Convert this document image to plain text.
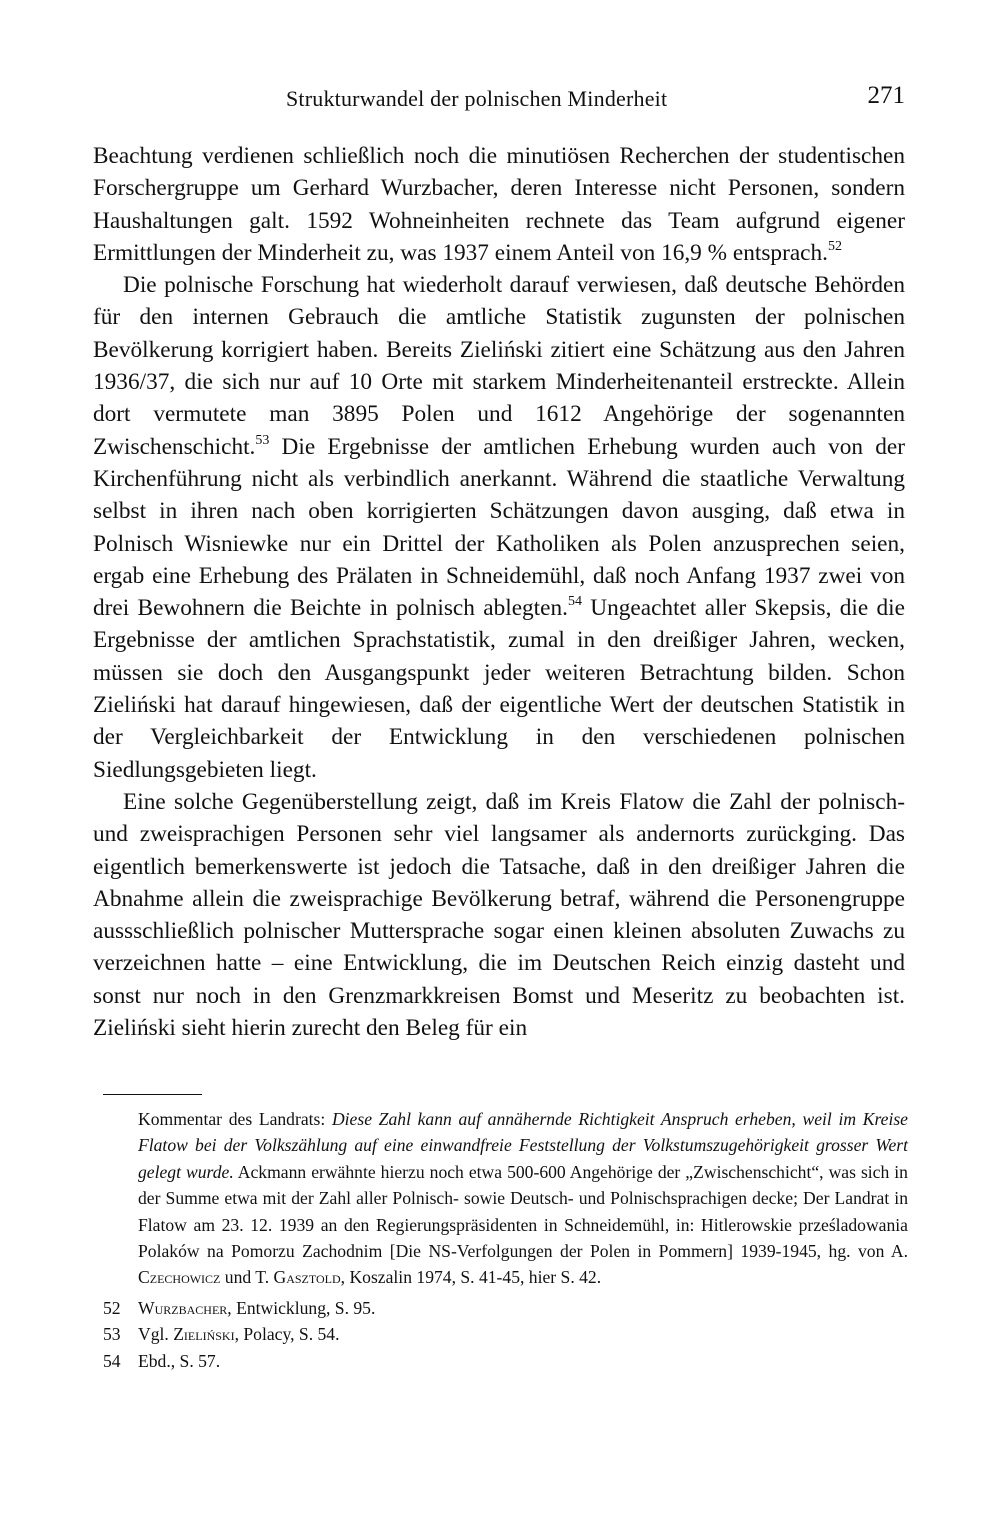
Strukturwandel der polnischen Minderheit	271

Beachtung verdienen schließlich noch die minutiösen Recherchen der studentischen Forschergruppe um Gerhard Wurzbacher, deren Interesse nicht Personen, sondern Haushaltungen galt. 1592 Wohneinheiten rechnete das Team aufgrund eigener Ermittlungen der Minderheit zu, was 1937 einem Anteil von 16,9 % entsprach.$^{52}$

Die polnische Forschung hat wiederholt darauf verwiesen, daß deutsche Behörden für den internen Gebrauch die amtliche Statistik zugunsten der polnischen Bevölkerung korrigiert haben. Bereits Zieliński zitiert eine Schätzung aus den Jahren 1936/37, die sich nur auf 10 Orte mit starkem Minderheitenanteil erstreckte. Allein dort vermutete man 3895 Polen und 1612 Angehörige der sogenannten Zwischenschicht.$^{53}$ Die Ergebnisse der amtlichen Erhebung wurden auch von der Kirchenführung nicht als verbindlich anerkannt. Während die staatliche Verwaltung selbst in ihren nach oben korrigierten Schätzungen davon ausging, daß etwa in Polnisch Wisniewke nur ein Drittel der Katholiken als Polen anzusprechen seien, ergab eine Erhebung des Prälaten in Schneidemühl, daß noch Anfang 1937 zwei von drei Bewohnern die Beichte in polnisch ablegten.$^{54}$ Ungeachtet aller Skepsis, die die Ergebnisse der amtlichen Sprachstatistik, zumal in den dreißiger Jahren, wecken, müssen sie doch den Ausgangspunkt jeder weiteren Betrachtung bilden. Schon Zieliński hat darauf hingewiesen, daß der eigentliche Wert der deutschen Statistik in der Vergleichbarkeit der Entwicklung in den verschiedenen polnischen Siedlungsgebieten liegt.

Eine solche Gegenüberstellung zeigt, daß im Kreis Flatow die Zahl der polnisch- und zweisprachigen Personen sehr viel langsamer als andernorts zurückging. Das eigentlich bemerkenswerte ist jedoch die Tatsache, daß in den dreißiger Jahren die Abnahme allein die zweisprachige Bevölkerung betraf, während die Personengruppe aussschließlich polnischer Muttersprache sogar einen kleinen absoluten Zuwachs zu verzeichnen hatte – eine Entwicklung, die im Deutschen Reich einzig dasteht und sonst nur noch in den Grenzmarkkreisen Bomst und Meseritz zu beobachten ist. Zieliński sieht hierin zurecht den Beleg für ein

Kommentar des Landrats: Diese Zahl kann auf annähernde Richtigkeit Anspruch erheben, weil im Kreise Flatow bei der Volkszählung auf eine einwandfreie Feststellung der Volkstumszugehörigkeit grosser Wert gelegt wurde. Ackmann erwähnte hierzu noch etwa 500-600 Angehörige der „Zwischenschicht“, was sich in der Summe etwa mit der Zahl aller Polnisch- sowie Deutsch- und Polnischsprachigen decke; Der Landrat in Flatow am 23. 12. 1939 an den Regierungspräsidenten in Schneidemühl, in: Hitlerowskie prześladowania Polaków na Pomorzu Zachodnim [Die NS-Verfolgungen der Polen in Pommern] 1939-1945, hg. von A. Czechowicz und T. Gasztold, Koszalin 1974, S. 41-45, hier S. 42.

52 Wurzbacher, Entwicklung, S. 95.

53 Vgl. Zieliński, Polacy, S. 54.

54 Ebd., S. 57.
